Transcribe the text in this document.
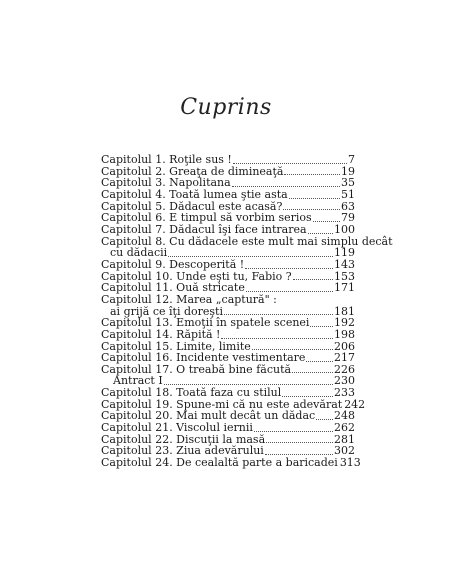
Cuprins
Capitolul 1. Roţile sus !	7
Capitolul 2. Greaţa de dimineaţă	19
Capitolul 3. Napolitana	35
Capitolul 4. Toată lumea ştie asta	51
Capitolul 5. Dădacul este acasă?	63
Capitolul 6. E timpul să vorbim serios	79
Capitolul 7. Dădacul îşi face intrarea 100
Capitolul 8. Cu dădacele este mult mai simplu decât
cu dădacii	119
Capitolul 9. Descoperită !	143
Capitolul 10. Unde eşti tu, Fabio ?	153
Capitolul 11. Ouă stricate	171
Capitolul 12. Marea „captură" :
ai grijă ce îţi doreşti	181
Capitolul 13. Emoţii în spatele scenei 192
Capitolul 14. Răpită !	198
Capitolul 15. Limite, limite	206
Capitolul 16. Incidente vestimentare	217
Capitolul 17. O treabă bine făcută	226
Antract I	230
Capitolul 18. Toată faza cu stilul	233
Capitolul 19. Spune-mi că nu este adevărat 242
Capitolul 20. Mai mult decât un dădac 248
Capitolul 21. Viscolul iernii	262
Capitolul 22. Discuţii la masă	281
Capitolul 23. Ziua adevărului	302
Capitolul 24. De cealaltă parte a baricadei 313
